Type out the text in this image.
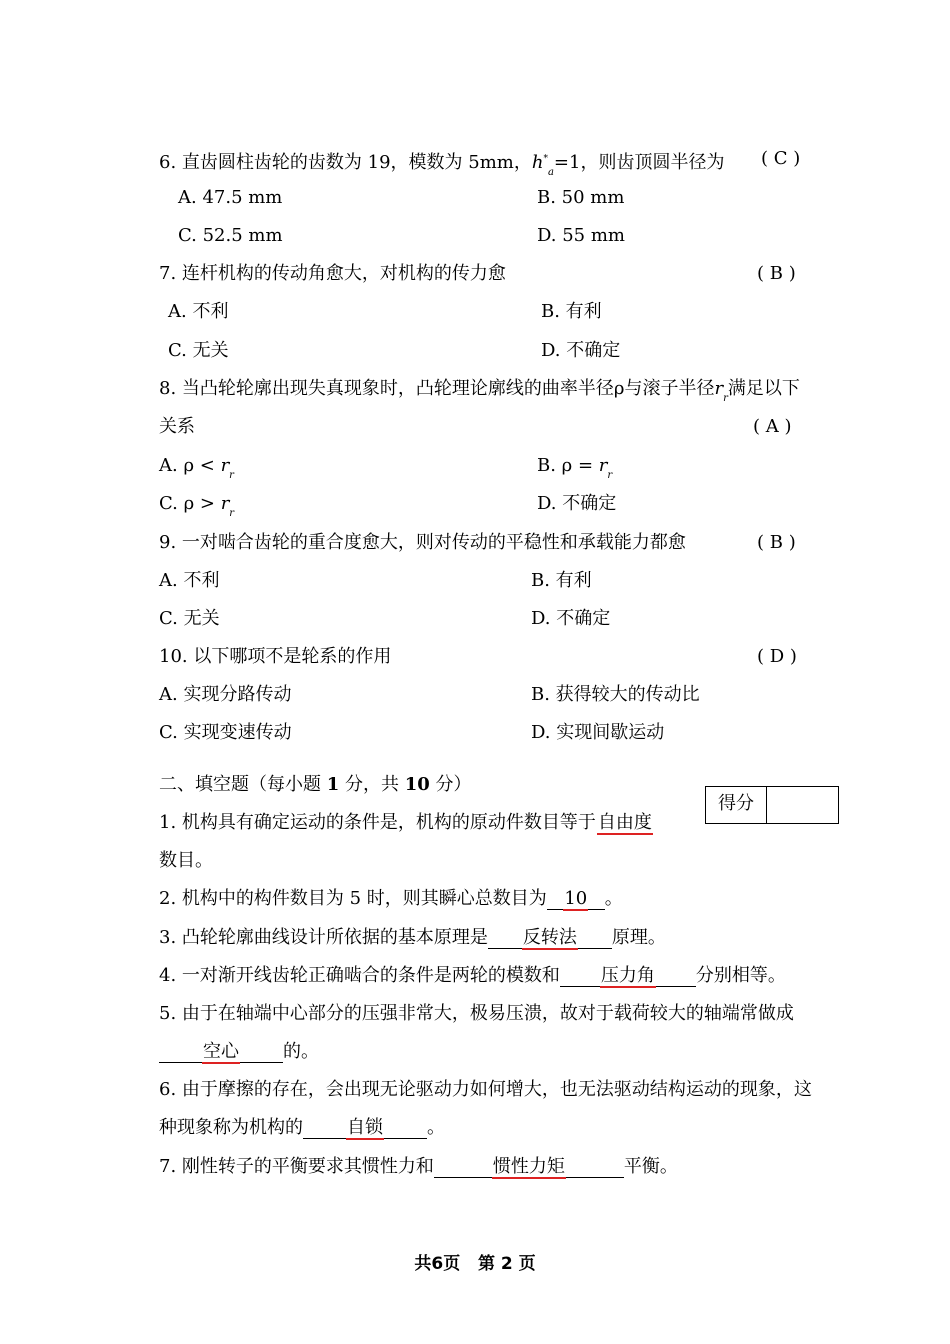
6. 直齿圆柱齿轮的齿数为 19，模数为 5mm，$h^*_a=1$，则齿顶圆半径为 ( C )
A. 47.5 mm	B. 50 mm
C. 52.5 mm	D. 55 mm
7. 连杆机构的传动角愈大，对机构的传力愈	( B )
A. 不利	B. 有利
C. 无关	D. 不确定
8. 当凸轮轮廓出现失真现象时，凸轮理论廓线的曲率半径ρ与滚子半径$r_r$满足以下
关系	( A )
A. $\rho < r_r$	B. $\rho = r_r$
C. $\rho > r_r$	D. 不确定
9. 一对啮合齿轮的重合度愈大，则对传动的平稳性和承载能力都愈	( B )
A. 不利	B. 有利
C. 无关	D. 不确定
10. 以下哪项不是轮系的作用	( D )
A. 实现分路传动	B. 获得较大的传动比
C. 实现变速传动	D. 实现间歇运动
二、填空题（每小题 1 分，共 10 分）
得分
1. 机构具有确定运动的条件是，机构的原动件数目等于 自由度
数目。
2. 机构中的构件数目为 5 时，则其瞬心总数目为 10 。
3. 凸轮轮廓曲线设计所依据的基本原理是 反转法 原理。
4. 一对渐开线齿轮正确啮合的条件是两轮的模数和 压力角 分别相等。
5. 由于在轴端中心部分的压强非常大，极易压溃，故对于载荷较大的轴端常做成
空心 的。
6. 由于摩擦的存在，会出现无论驱动力如何增大，也无法驱动结构运动的现象，这
种现象称为机构的 自锁 。
7. 刚性转子的平衡要求其惯性力和	惯性力矩	平衡。
共6页 第 2 页
